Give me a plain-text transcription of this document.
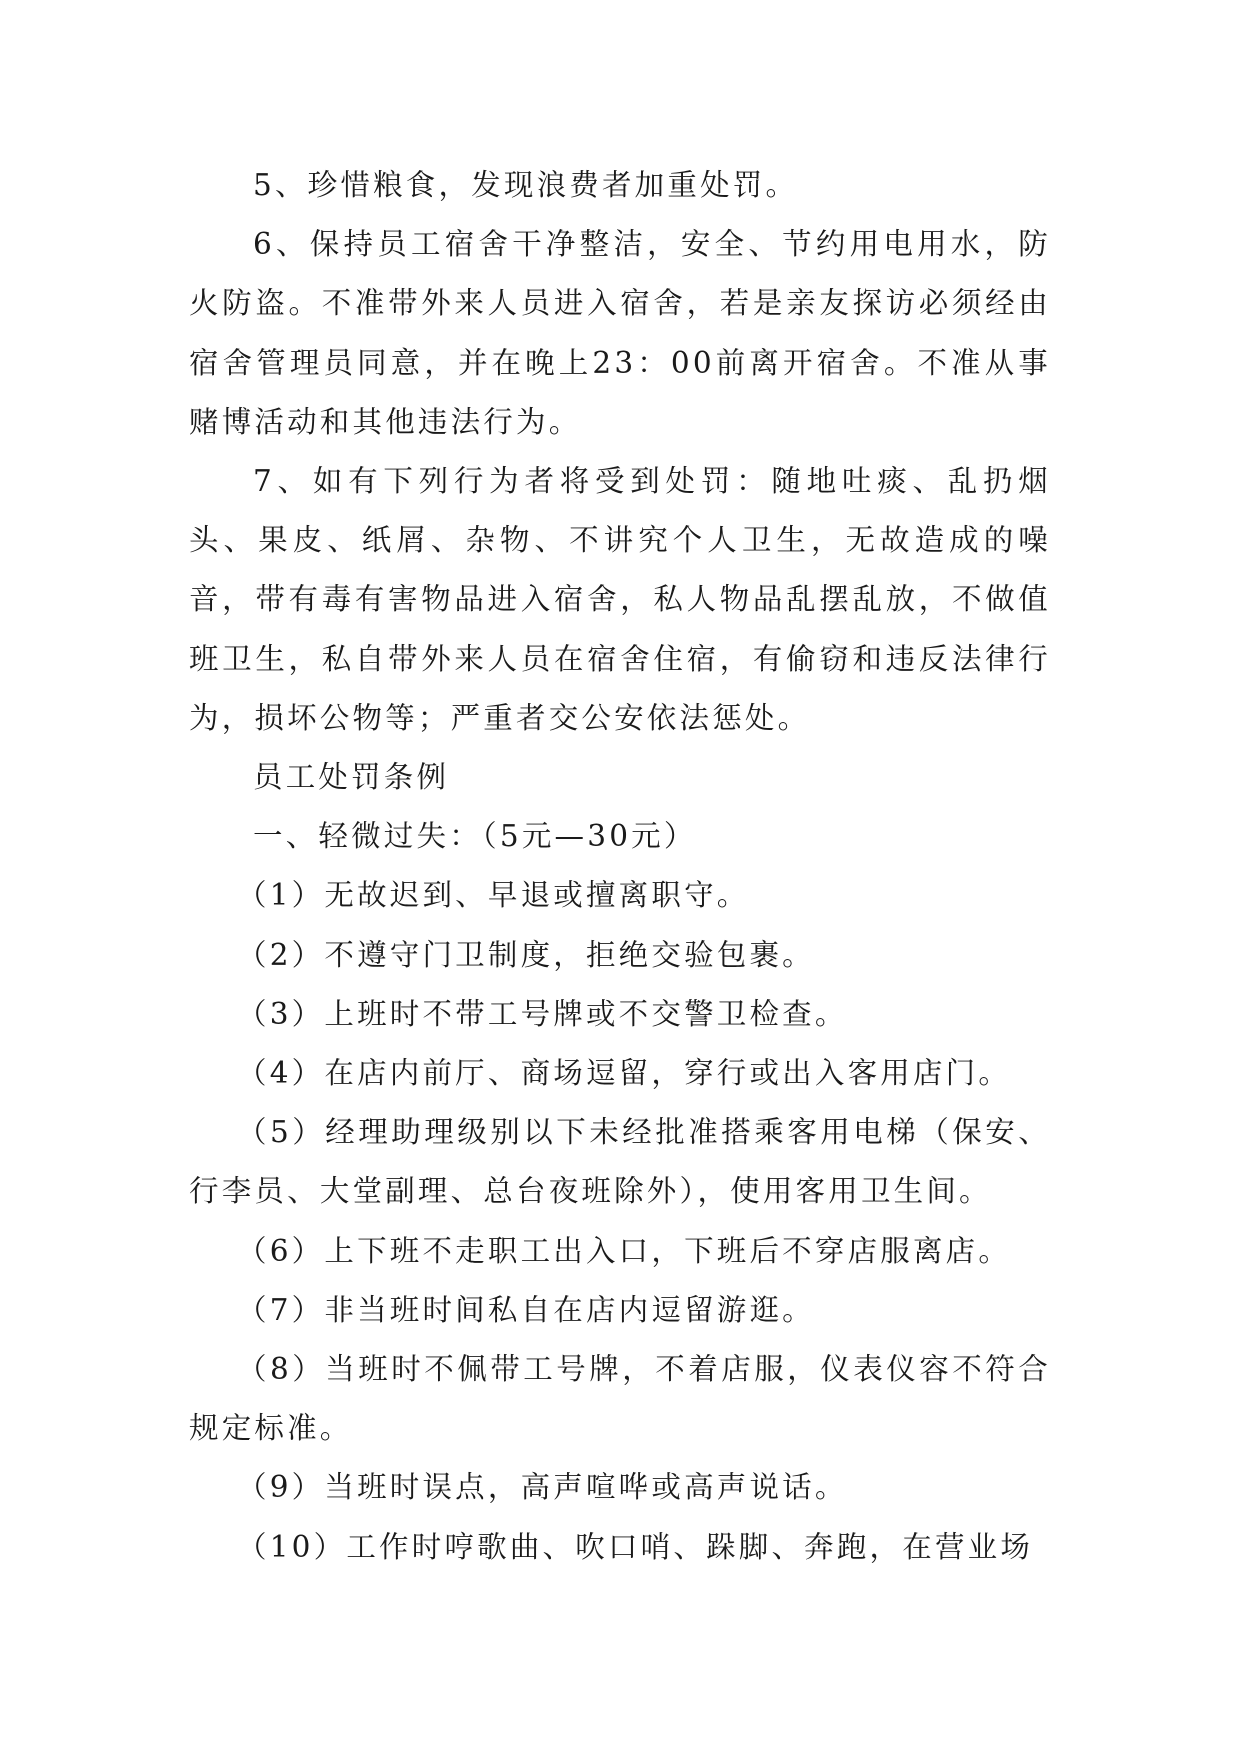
5、珍惜粮食，发现浪费者加重处罚。

6、保持员工宿舍干净整洁，安全、节约用电用水，防火防盗。不准带外来人员进入宿舍，若是亲友探访必须经由宿舍管理员同意，并在晚上23：00前离开宿舍。不准从事赌博活动和其他违法行为。

7、如有下列行为者将受到处罚：随地吐痰、乱扔烟头、果皮、纸屑、杂物、不讲究个人卫生，无故造成的噪音，带有毒有害物品进入宿舍，私人物品乱摆乱放，不做值班卫生，私自带外来人员在宿舍住宿，有偷窃和违反法律行为，损坏公物等；严重者交公安依法惩处。

员工处罚条例

一、轻微过失：（5元—30元）

（1）无故迟到、早退或擅离职守。

（2）不遵守门卫制度，拒绝交验包裹。

（3）上班时不带工号牌或不交警卫检查。

（4）在店内前厅、商场逗留，穿行或出入客用店门。

（5）经理助理级别以下未经批准搭乘客用电梯（保安、行李员、大堂副理、总台夜班除外），使用客用卫生间。

（6）上下班不走职工出入口，下班后不穿店服离店。

（7）非当班时间私自在店内逗留游逛。

（8）当班时不佩带工号牌，不着店服，仪表仪容不符合规定标准。

（9）当班时误点，高声喧哗或高声说话。

（10）工作时哼歌曲、吹口哨、跺脚、奔跑，在营业场
